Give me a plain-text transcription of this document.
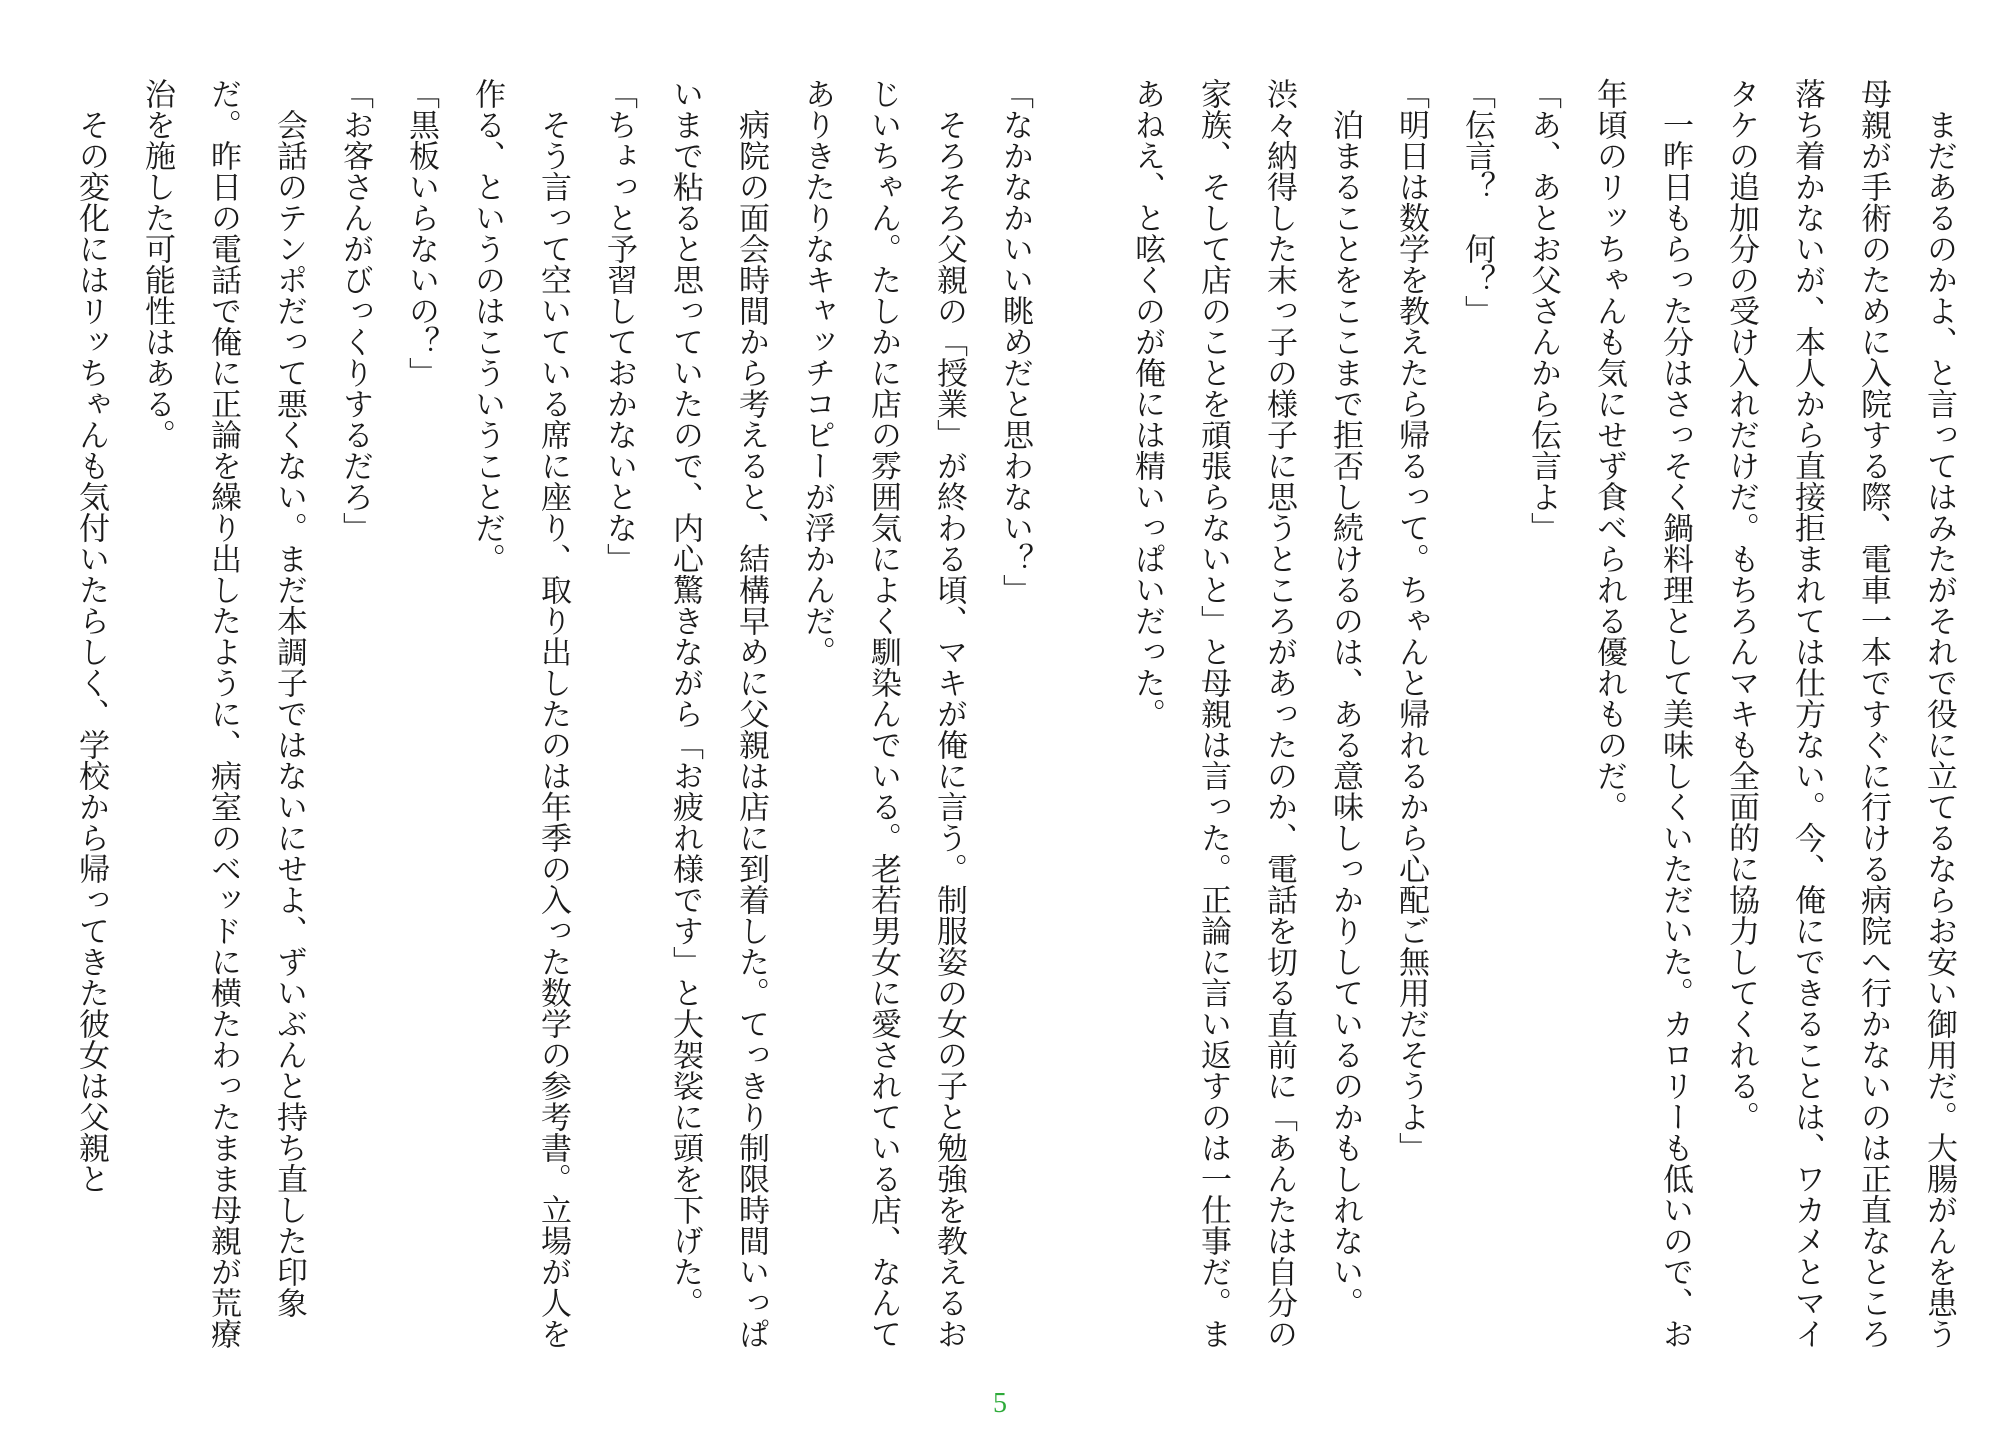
まだあるのかよ、と言ってはみたがそれで役に立てるならお安い御用だ。大腸がんを患う母親が手術のために入院する際、電車一本ですぐに行ける病院へ行かないのは正直なところ落ち着かないが、本人から直接拒まれては仕方ない。今、俺にできることは、ワカメとマイタケの追加分の受け入れだけだ。もちろんマキも全面的に協力してくれる。

一昨日もらった分はさっそく鍋料理として美味しくいただいた。カロリーも低いので、お年頃のリッちゃんも気にせず食べられる優れものだ。

「あ、あとお父さんから伝言よ」

「伝言？　何？」

「明日は数学を教えたら帰るって。ちゃんと帰れるから心配ご無用だそうよ」

泊まることをここまで拒否し続けるのは、ある意味しっかりしているのかもしれない。渋々納得した末っ子の様子に思うところがあったのか、電話を切る直前に「あんたは自分の家族、そして店のことを頑張らないと」と母親は言った。正論に言い返すのは一仕事だ。まあねえ、と呟くのが俺には精いっぱいだった。

「なかなかいい眺めだと思わない？」

そろそろ父親の「授業」が終わる頃、マキが俺に言う。制服姿の女の子と勉強を教えるおじいちゃん。たしかに店の雰囲気によく馴染んでいる。老若男女に愛されている店、なんてありきたりなキャッチコピーが浮かんだ。

病院の面会時間から考えると、結構早めに父親は店に到着した。てっきり制限時間いっぱいまで粘ると思っていたので、内心驚きながら「お疲れ様です」と大袈裟に頭を下げた。

「ちょっと予習しておかないとな」

そう言って空いている席に座り、取り出したのは年季の入った数学の参考書。立場が人を作る、というのはこういうことだ。

「黒板いらないの？」

「お客さんがびっくりするだろ」

会話のテンポだって悪くない。まだ本調子ではないにせよ、ずいぶんと持ち直した印象だ。昨日の電話で俺に正論を繰り出したように、病室のベッドに横たわったまま母親が荒療治を施した可能性はある。

その変化にはリッちゃんも気付いたらしく、学校から帰ってきた彼女は父親と

5
